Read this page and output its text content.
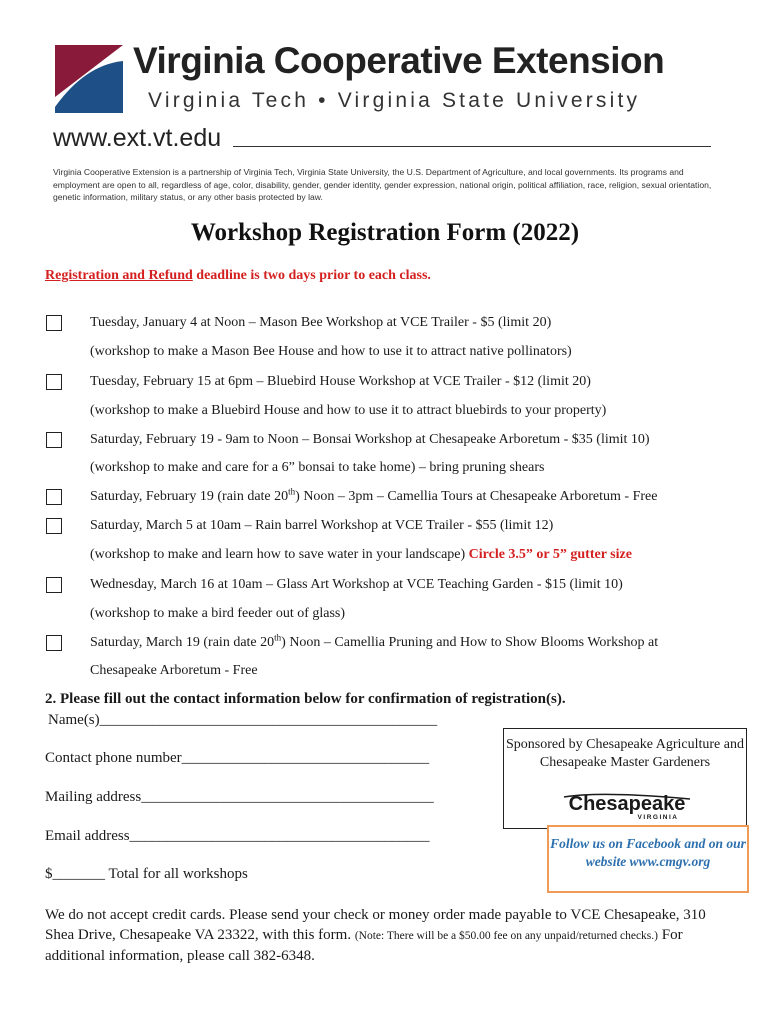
Virginia Cooperative Extension
Virginia Tech • Virginia State University
www.ext.vt.edu
Virginia Cooperative Extension is a partnership of Virginia Tech, Virginia State University, the U.S. Department of Agriculture, and local governments. Its programs and employment are open to all, regardless of age, color, disability, gender, gender identity, gender expression, national origin, political affiliation, race, religion, sexual orientation, genetic information, military status, or any other basis protected by law.
Workshop Registration Form (2022)
Registration and Refund deadline is two days prior to each class.
Tuesday, January 4 at Noon – Mason Bee Workshop at VCE Trailer - $5 (limit 20)
(workshop to make a Mason Bee House and how to use it to attract native pollinators)
Tuesday, February 15 at 6pm – Bluebird House Workshop at VCE Trailer - $12 (limit 20)
(workshop to make a Bluebird House and how to use it to attract bluebirds to your property)
Saturday, February 19 - 9am to Noon – Bonsai Workshop at Chesapeake Arboretum - $35 (limit 10)
(workshop to make and care for a 6” bonsai to take home) – bring pruning shears
Saturday, February 19 (rain date 20th) Noon – 3pm – Camellia Tours at Chesapeake Arboretum - Free
Saturday, March 5 at 10am – Rain barrel Workshop at VCE Trailer - $55 (limit 12)
(workshop to make and learn how to save water in your landscape) Circle 3.5” or 5” gutter size
Wednesday, March 16 at 10am – Glass Art Workshop at VCE Teaching Garden - $15 (limit 10)
(workshop to make a bird feeder out of glass)
Saturday, March 19 (rain date 20th) Noon – Camellia Pruning and How to Show Blooms Workshop at
Chesapeake Arboretum - Free
2. Please fill out the contact information below for confirmation of registration(s).
Name(s)_____________________________________________
Contact phone number_________________________________
Mailing address_______________________________________
Email address________________________________________
$_______ Total for all workshops
Sponsored by Chesapeake Agriculture and Chesapeake Master Gardeners
Chesapeake
VIRGINIA
Follow us on Facebook and on our website www.cmgv.org
We do not accept credit cards. Please send your check or money order made payable to VCE Chesapeake, 310 Shea Drive, Chesapeake VA 23322, with this form. (Note: There will be a $50.00 fee on any unpaid/returned checks.) For additional information, please call 382-6348.
